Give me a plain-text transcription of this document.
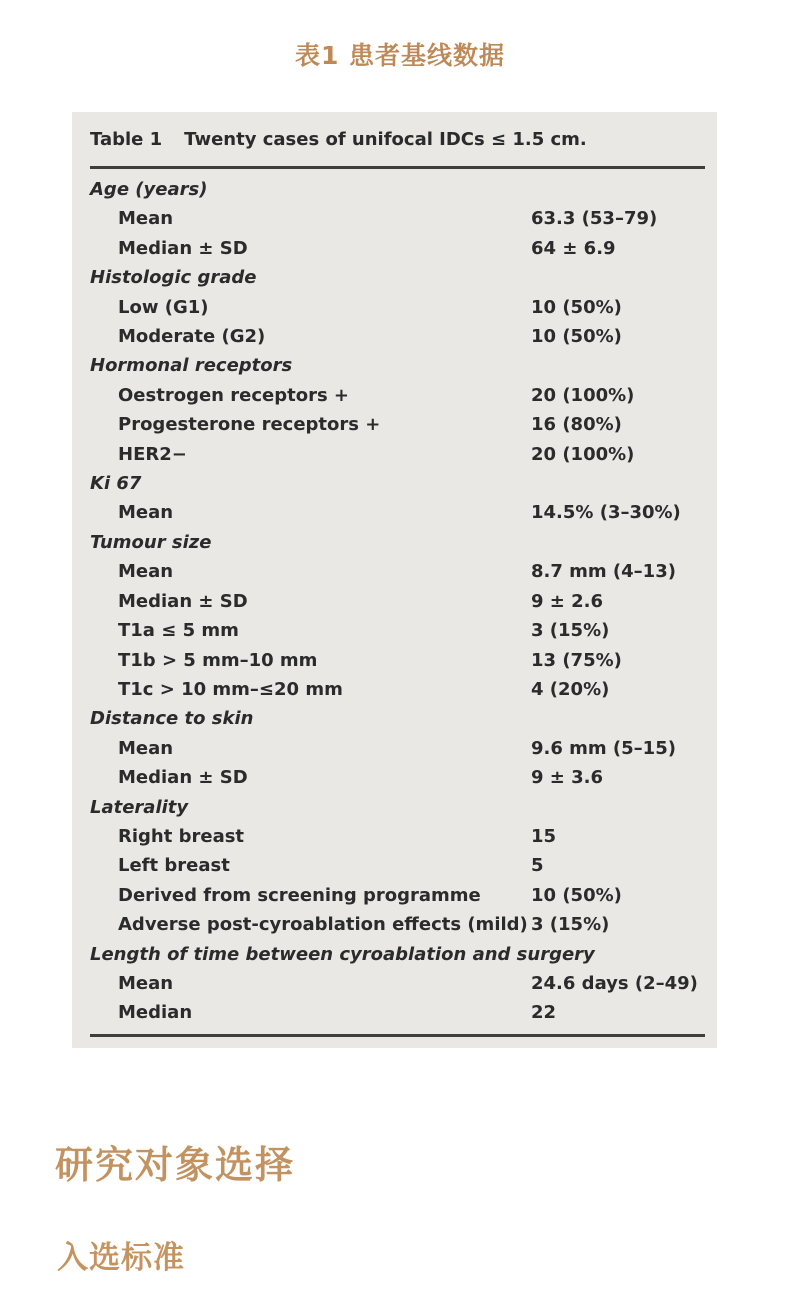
表1 患者基线数据
Table 1 Twenty cases of unifocal IDCs ≤ 1.5 cm.
Age (years)
Mean	63.3 (53–79)
Median ± SD	64 ± 6.9
Histologic grade
Low (G1)	10 (50%)
Moderate (G2)	10 (50%)
Hormonal receptors
Oestrogen receptors +	20 (100%)
Progesterone receptors +	16 (80%)
HER2−	20 (100%)
Ki 67
Mean	14.5% (3–30%)
Tumour size
Mean	8.7 mm (4–13)
Median ± SD	9 ± 2.6
T1a ≤ 5 mm	3 (15%)
T1b > 5 mm–10 mm	13 (75%)
T1c > 10 mm–≤20 mm	4 (20%)
Distance to skin
Mean	9.6 mm (5–15)
Median ± SD	9 ± 3.6
Laterality
Right breast	15
Left breast	5
Derived from screening programme	10 (50%)
Adverse post-cyroablation effects (mild) 3 (15%)
Length of time between cyroablation and surgery
Mean	24.6 days (2–49)
Median	22
研究对象选择
入选标准
